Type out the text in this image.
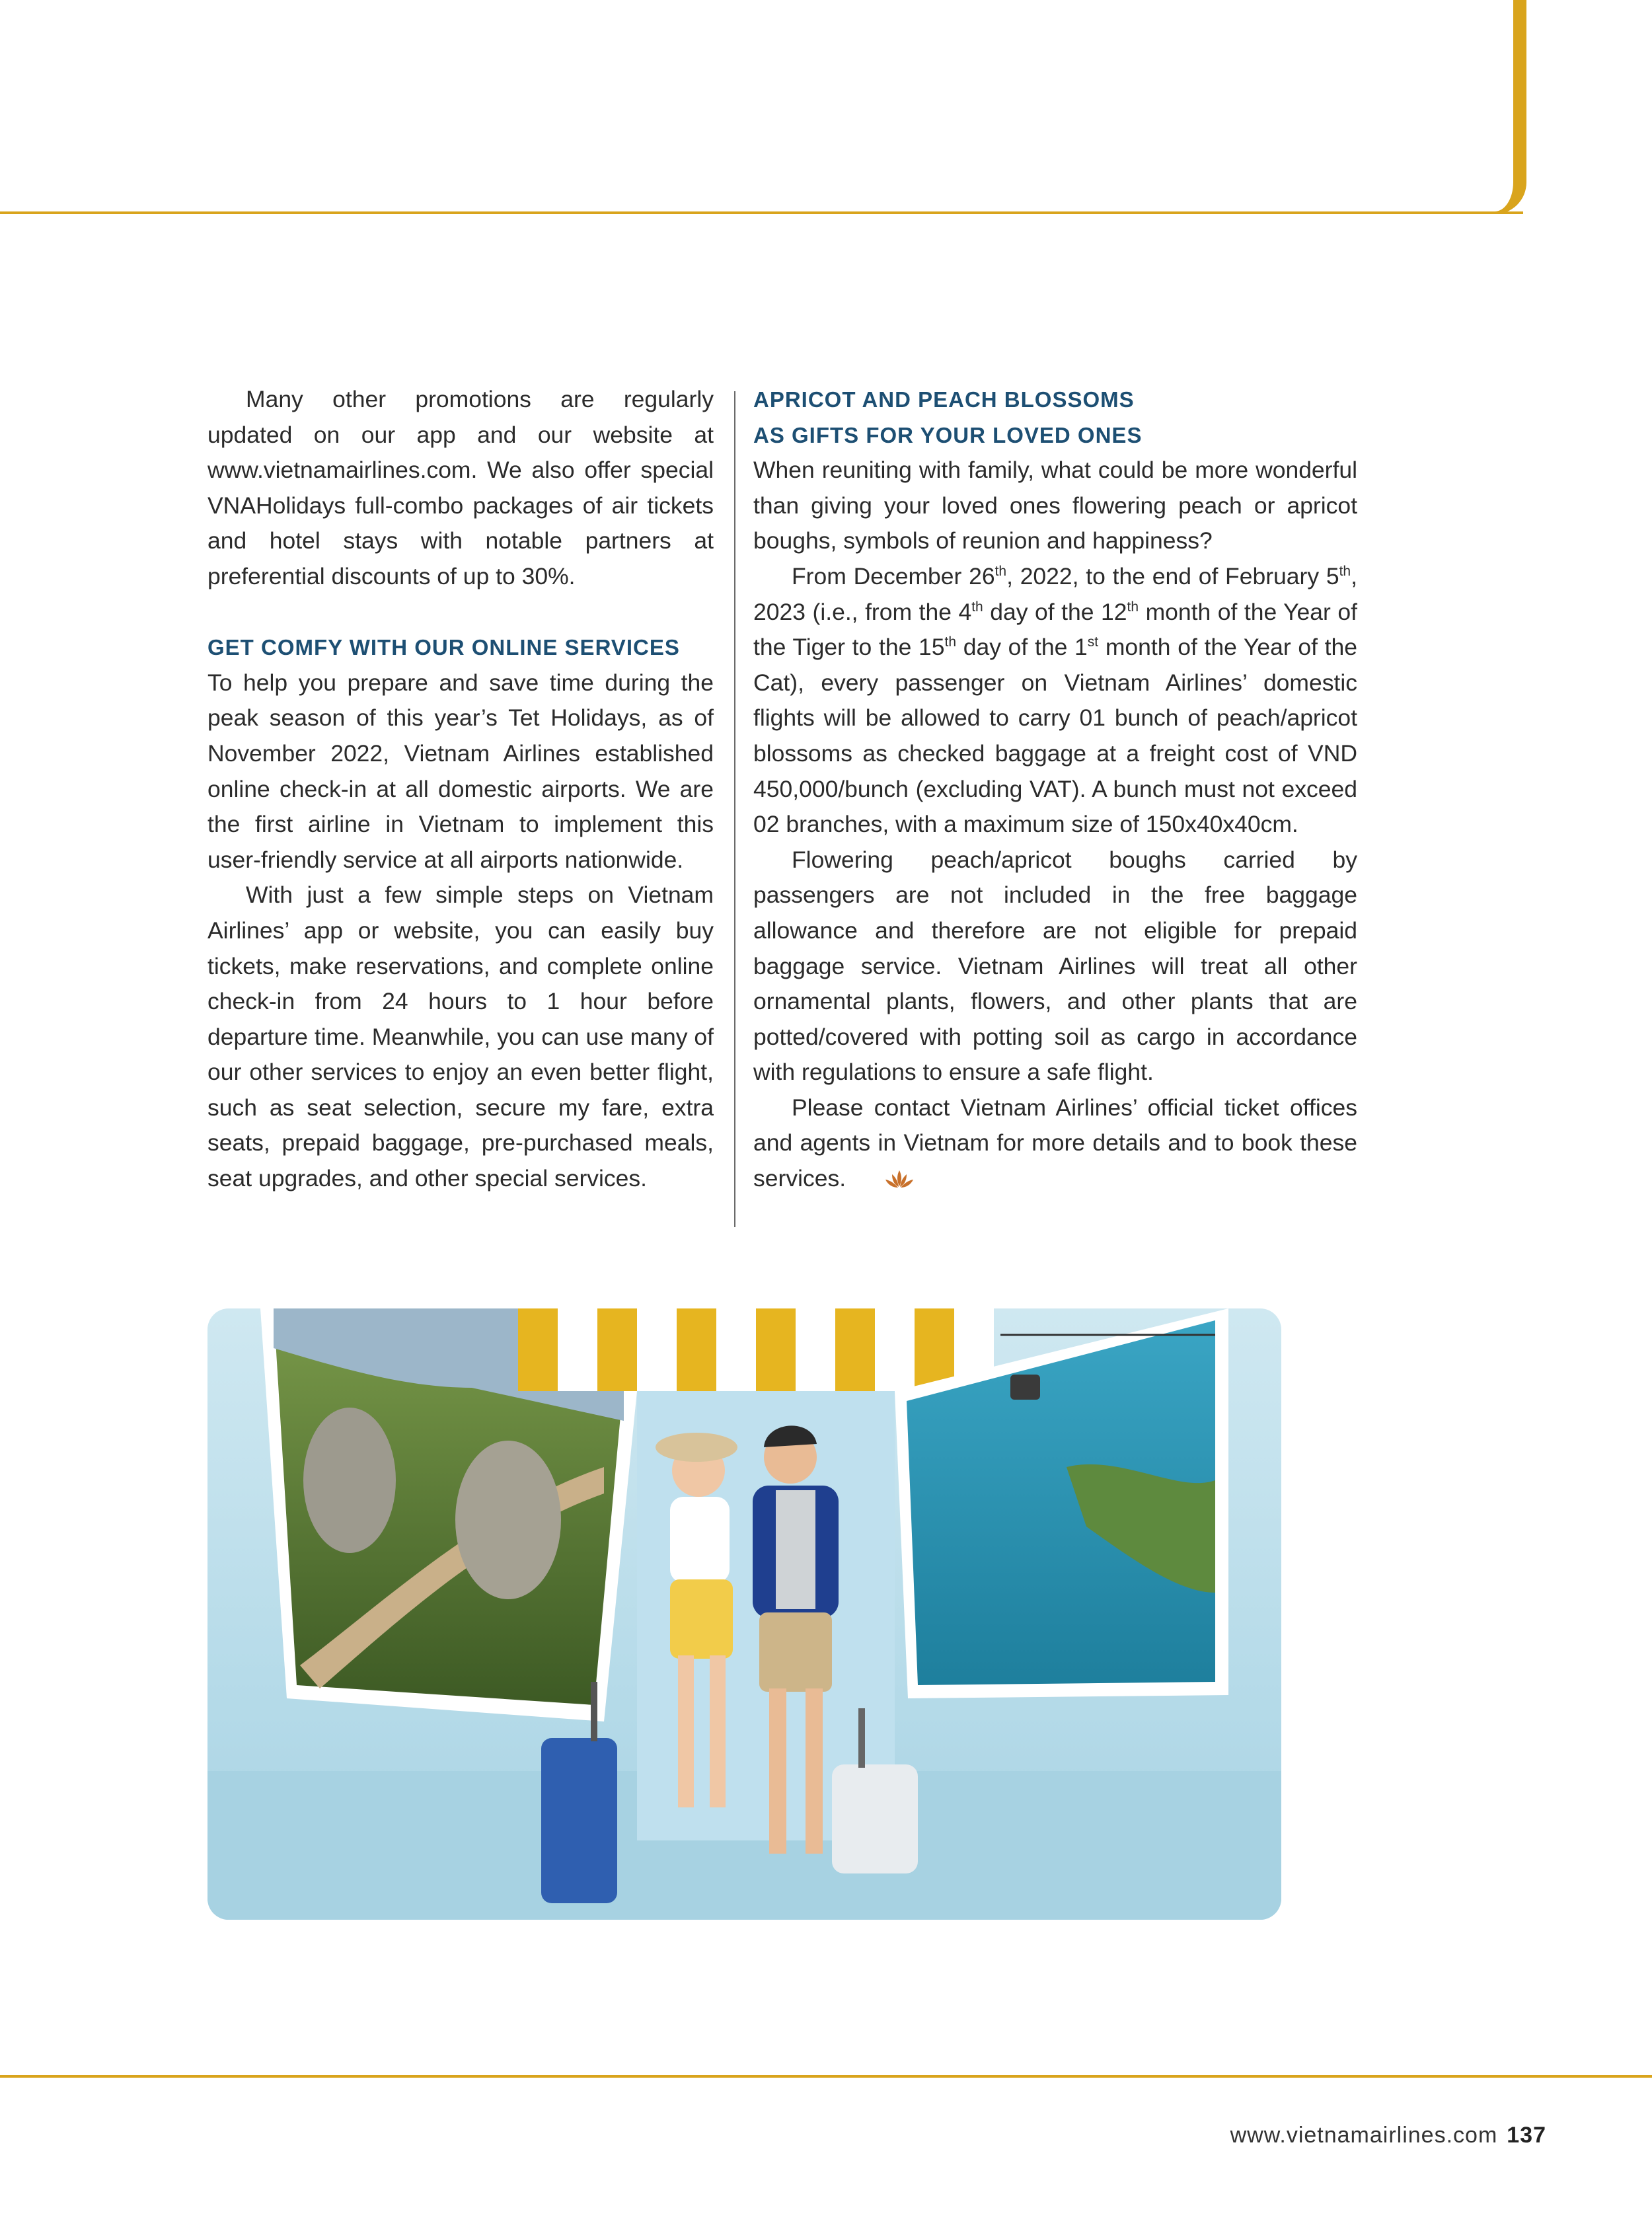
Many other promotions are regularly updated on our app and our website at www.vietnamairlines.com. We also offer special VNAHolidays full-combo packages of air tickets and hotel stays with notable partners at preferential discounts of up to 30%.

GET COMFY WITH OUR ONLINE SERVICES

To help you prepare and save time during the peak season of this year’s Tet Holidays, as of November 2022, Vietnam Airlines established online check-in at all domestic airports. We are the first airline in Vietnam to implement this user-friendly service at all airports nationwide.

With just a few simple steps on Vietnam Airlines’ app or website, you can easily buy tickets, make reservations, and complete online check-in from 24 hours to 1 hour before departure time. Meanwhile, you can use many of our other services to enjoy an even better flight, such as seat selection, secure my fare, extra seats, prepaid baggage, pre-purchased meals, seat upgrades, and other special services.

APRICOT AND PEACH BLOSSOMS
AS GIFTS FOR YOUR LOVED ONES

When reuniting with family, what could be more wonderful than giving your loved ones flowering peach or apricot boughs, symbols of reunion and happiness?

From December 26th, 2022, to the end of February 5th, 2023 (i.e., from the 4th day of the 12th month of the Year of the Tiger to the 15th day of the 1st month of the Year of the Cat), every passenger on Vietnam Airlines’ domestic flights will be allowed to carry 01 bunch of peach/apricot blossoms as checked baggage at a freight cost of VND 450,000/bunch (excluding VAT). A bunch must not exceed 02 branches, with a maximum size of 150x40x40cm.

Flowering peach/apricot boughs carried by passengers are not included in the free baggage allowance and therefore are not eligible for prepaid baggage service. Vietnam Airlines will treat all other ornamental plants, flowers, and other plants that are potted/covered with potting soil as cargo in accordance with regulations to ensure a safe flight.

Please contact Vietnam Airlines’ official ticket offices and agents in Vietnam for more details and to book these services.

www.vietnamairlines.com 137
